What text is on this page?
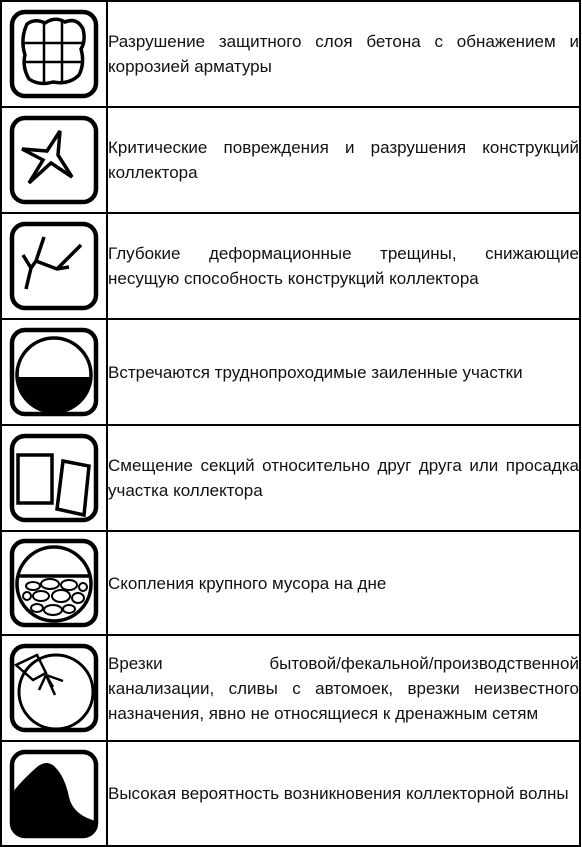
	Разрушение защитного слоя бетона с обнажением и коррозией арматуры

	Критические повреждения и разрушения конструкций коллектора

	Глубокие деформационные трещины, снижающие несущую способность конструкций коллектора

	Встречаются труднопроходимые заиленные участки

	Смещение секций относительно друг друга или просадка участка коллектора

	Скопления крупного мусора на дне

	Врезки бытовой/фекальной/производственной канализации, сливы с автомоек, врезки неизвестного назначения, явно не относящиеся к дренажным сетям

	Высокая вероятность возникновения коллекторной волны
